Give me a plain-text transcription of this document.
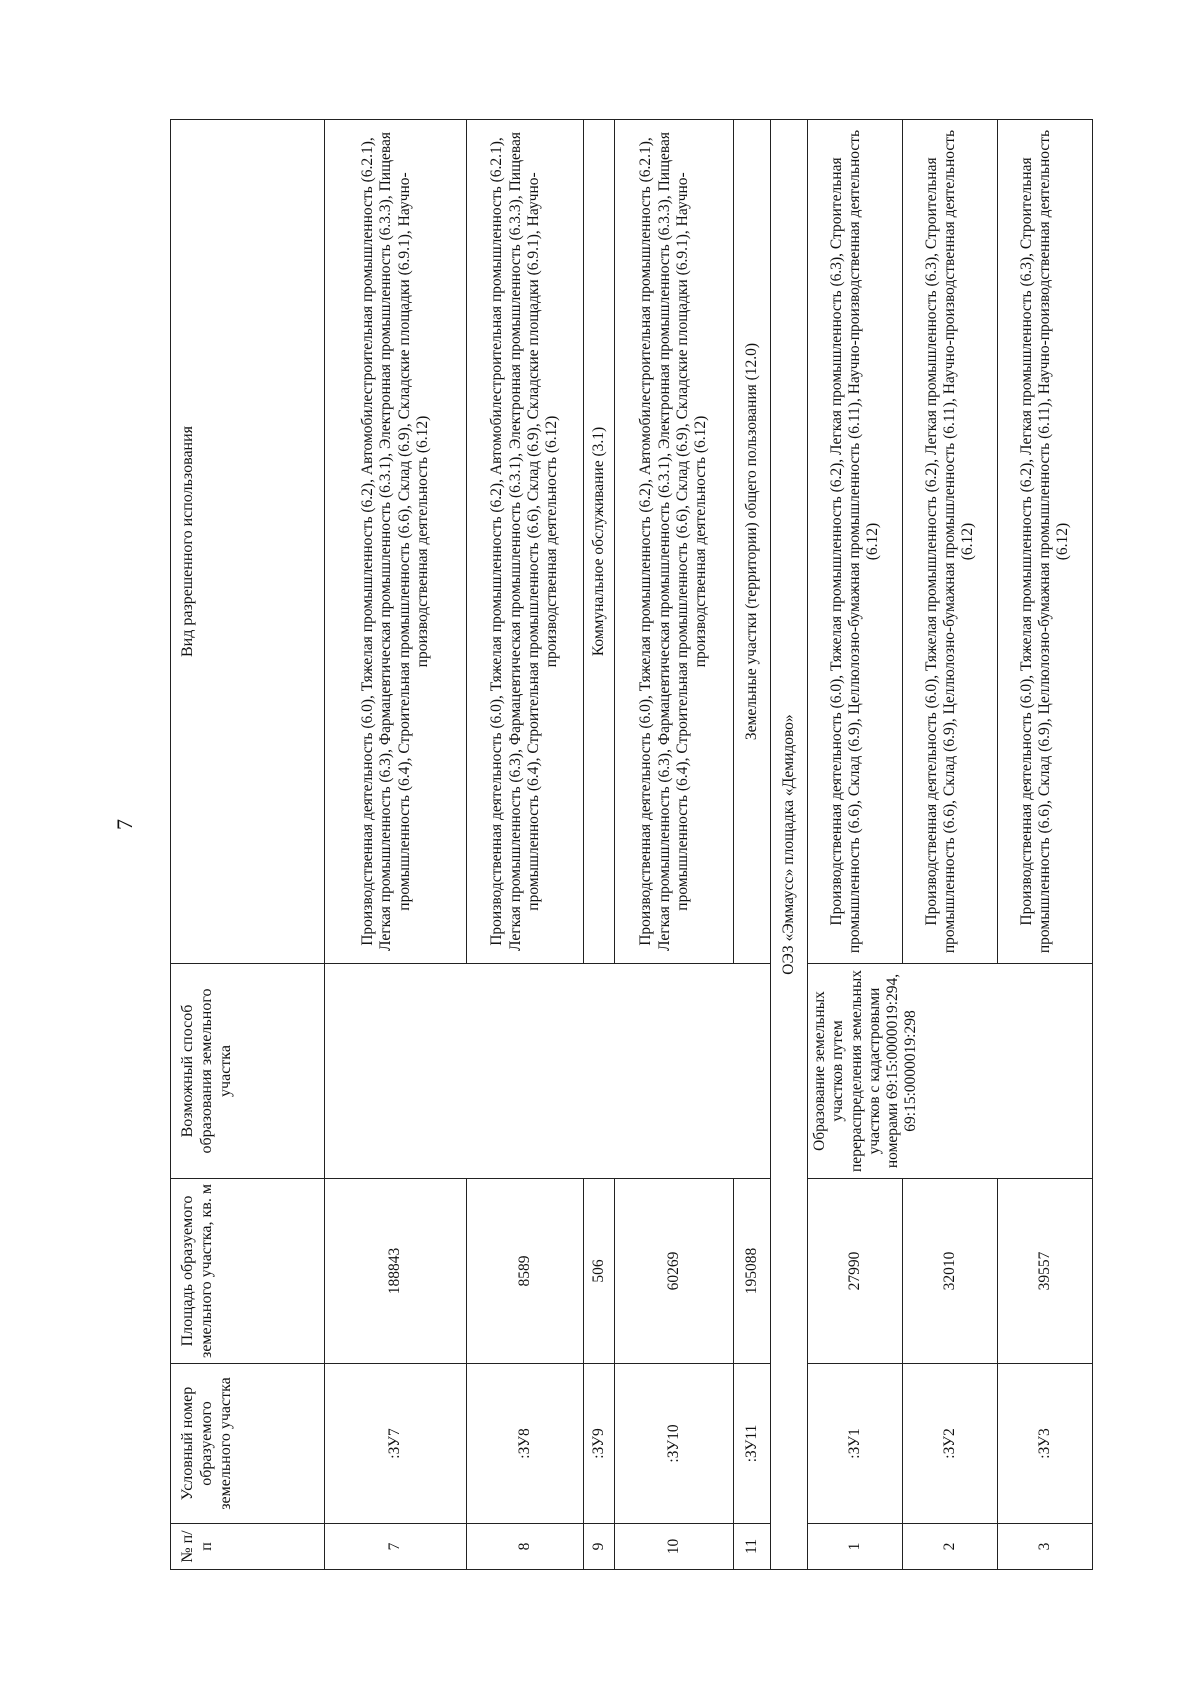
7
№ п/п	Условный номер образуемого земельного участка	Площадь образуемого земельного участка, кв. м	Возможный способ образования земельного участка	Вид разрешенного использования
7	:ЗУ7	188843		Производственная деятельность (6.0), Тяжелая промышленность (6.2), Автомобилестроительная промышленность (6.2.1), Легкая промышленность (6.3), Фармацевтическая промышленность (6.3.1), Электронная промышленность (6.3.3), Пищевая промышленность (6.4), Строительная промышленность (6.6), Склад (6.9), Складские площадки (6.9.1), Научно-производственная деятельность (6.12)
8	:ЗУ8	8589		Производственная деятельность (6.0), Тяжелая промышленность (6.2), Автомобилестроительная промышленность (6.2.1), Легкая промышленность (6.3), Фармацевтическая промышленность (6.3.1), Электронная промышленность (6.3.3), Пищевая промышленность (6.4), Строительная промышленность (6.6), Склад (6.9), Складские площадки (6.9.1), Научно-производственная деятельность (6.12)
9	:ЗУ9	506		Коммунальное обслуживание (3.1)
10	:ЗУ10	60269		Производственная деятельность (6.0), Тяжелая промышленность (6.2), Автомобилестроительная промышленность (6.2.1), Легкая промышленность (6.3), Фармацевтическая промышленность (6.3.1), Электронная промышленность (6.3.3), Пищевая промышленность (6.4), Строительная промышленность (6.6), Склад (6.9), Складские площадки (6.9.1), Научно-производственная деятельность (6.12)
11	:ЗУ11	195088		Земельные участки (территории) общего пользования (12.0)
ОЭЗ «Эммаусс» площадка «Демидово»				
1	:ЗУ1	27990	Образование земельных участков путем перераспределения земельных участков с кадастровыми номерами 69:15:0000019:294, 69:15:0000019:298	Производственная деятельность (6.0), Тяжелая промышленность (6.2), Легкая промышленность (6.3), Строительная промышленность (6.6), Склад (6.9), Целлюлозно-бумажная промышленность (6.11), Научно-производственная деятельность (6.12)
2	:ЗУ2	32010		Производственная деятельность (6.0), Тяжелая промышленность (6.2), Легкая промышленность (6.3), Строительная промышленность (6.6), Склад (6.9), Целлюлозно-бумажная промышленность (6.11), Научно-производственная деятельность (6.12)
3	:ЗУ3	39557		Производственная деятельность (6.0), Тяжелая промышленность (6.2), Легкая промышленность (6.3), Строительная промышленность (6.6), Склад (6.9), Целлюлозно-бумажная промышленность (6.11), Научно-производственная деятельность (6.12)
